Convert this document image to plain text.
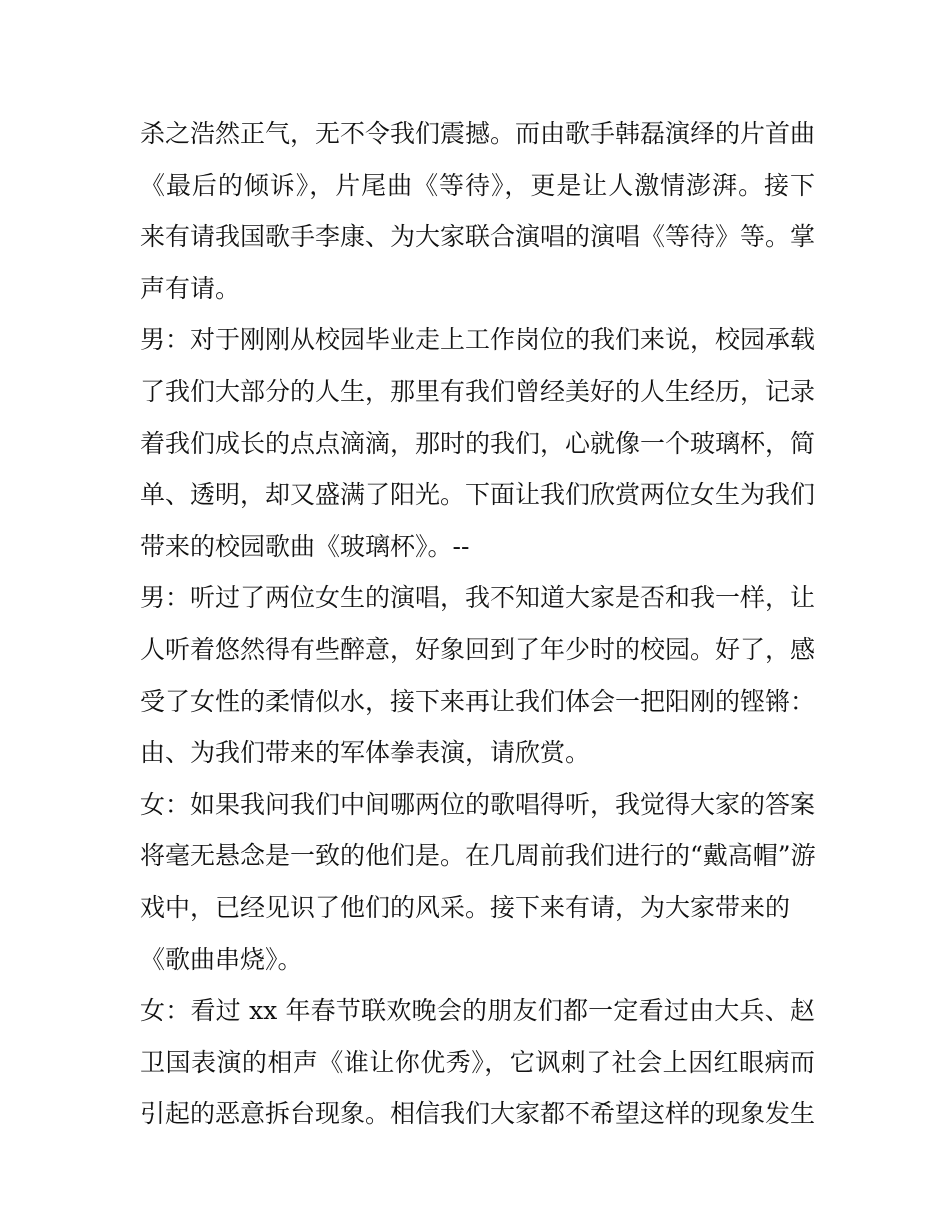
杀之浩然正气，无不令我们震撼。而由歌手韩磊演绎的片首曲
《最后的倾诉》，片尾曲《等待》，更是让人激情澎湃。接下
来有请我国歌手李康、为大家联合演唱的演唱《等待》等。掌
声有请。
男：对于刚刚从校园毕业走上工作岗位的我们来说，校园承载
了我们大部分的人生，那里有我们曾经美好的人生经历，记录
着我们成长的点点滴滴，那时的我们，心就像一个玻璃杯，简
单、透明，却又盛满了阳光。下面让我们欣赏两位女生为我们
带来的校园歌曲《玻璃杯》。--
男：听过了两位女生的演唱，我不知道大家是否和我一样，让
人听着悠然得有些醉意，好象回到了年少时的校园。好了，感
受了女性的柔情似水，接下来再让我们体会一把阳刚的铿锵：
由、为我们带来的军体拳表演，请欣赏。
女：如果我问我们中间哪两位的歌唱得听，我觉得大家的答案
将毫无悬念是一致的他们是。在几周前我们进行的“戴高帽”游
戏中，已经见识了他们的风采。接下来有请，为大家带来的
《歌曲串烧》。
女：看过 xx 年春节联欢晚会的朋友们都一定看过由大兵、赵
卫国表演的相声《谁让你优秀》，它讽刺了社会上因红眼病而
引起的恶意拆台现象。相信我们大家都不希望这样的现象发生
